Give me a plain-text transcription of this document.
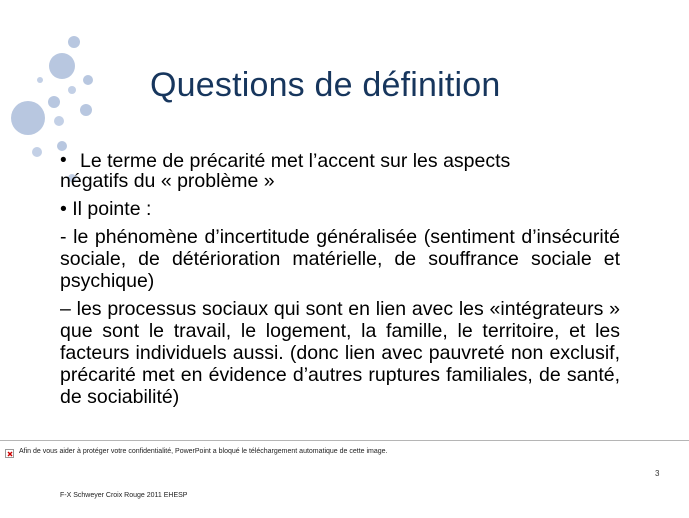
Questions de définition
• Le terme de précarité met l’accent sur les aspects
négatifs du « problème »
• Il pointe :
- le phénomène d’incertitude généralisée (sentiment d’insécurité sociale, de détérioration matérielle, de souffrance sociale et psychique)
– les processus sociaux qui sont en lien avec les «intégrateurs » que sont le travail, le logement, la famille, le territoire, et les facteurs individuels aussi. (donc lien avec pauvreté non exclusif, précarité met en évidence d’autres ruptures familiales, de santé, de sociabilité)
Afin de vous aider à protéger votre confidentialité, PowerPoint a bloqué le téléchargement automatique de cette image.
3
F-X Schweyer Croix Rouge 2011 EHESP
